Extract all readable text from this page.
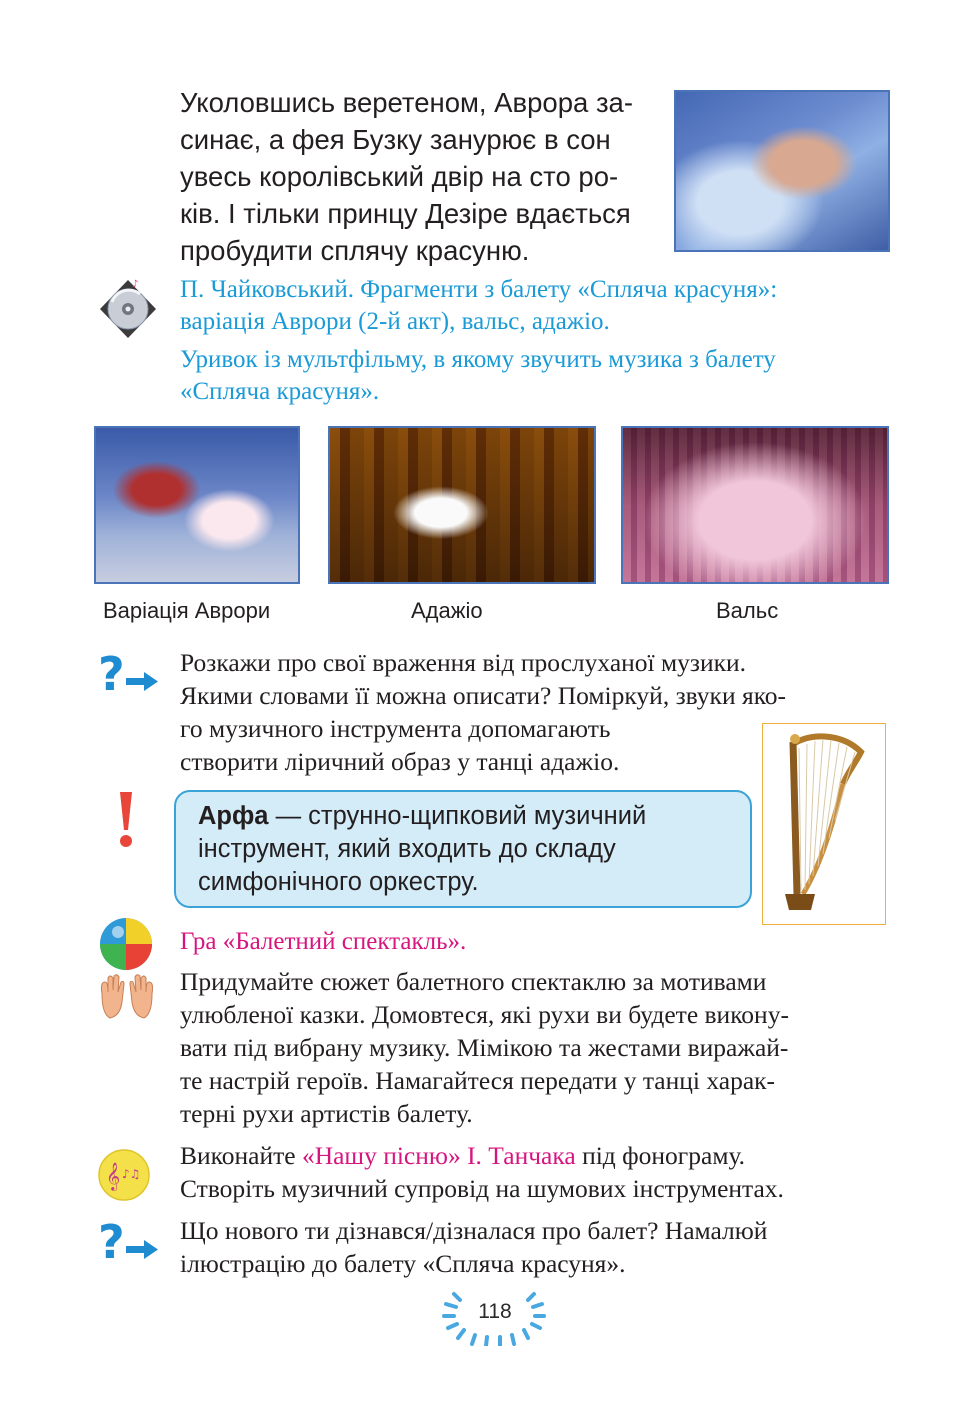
Уколовшись веретеном, Аврора за-

синає, а фея Бузку занурює в сон

увесь королівський двір на сто ро-

ків. І тільки принцу Дезіре вдається

пробудити сплячу красуню.

♪ П. Чайковський. Фрагменти з балету «Спляча красуня»:
варіація Аврори (2-й акт), вальс, адажіо.

Уривок із мультфільму, в якому звучить музика з балету
«Спляча красуня».

Варіація Аврори	Адажіо	Вальс
? Розкажи про свої враження від прослуханої музики.

Якими словами її можна описати? Поміркуй, звуки яко-

го музичного інструмента допомагають

створити ліричний образ у танці адажіо.

Арфа — струнно-щипковий музичний

інструмент, який входить до складу

симфонічного оркестру.

Гра «Балетний спектакль».

Придумайте сюжет балетного спектаклю за мотивами

улюбленої казки. Домовтеся, які рухи ви будете викону-

вати під вибрану музику. Мімікою та жестами виражай-

те настрій героїв. Намагайтеся передати у танці харак-

терні рухи артистів балету.

𝄞 ♪♫

Виконайте «Нашу пісню» І. Танчака під фонограму.

Створіть музичний супровід на шумових інструментах.

? Що нового ти дізнався/дізналася про балет? Намалюй

ілюстрацію до балету «Спляча красуня».

118
